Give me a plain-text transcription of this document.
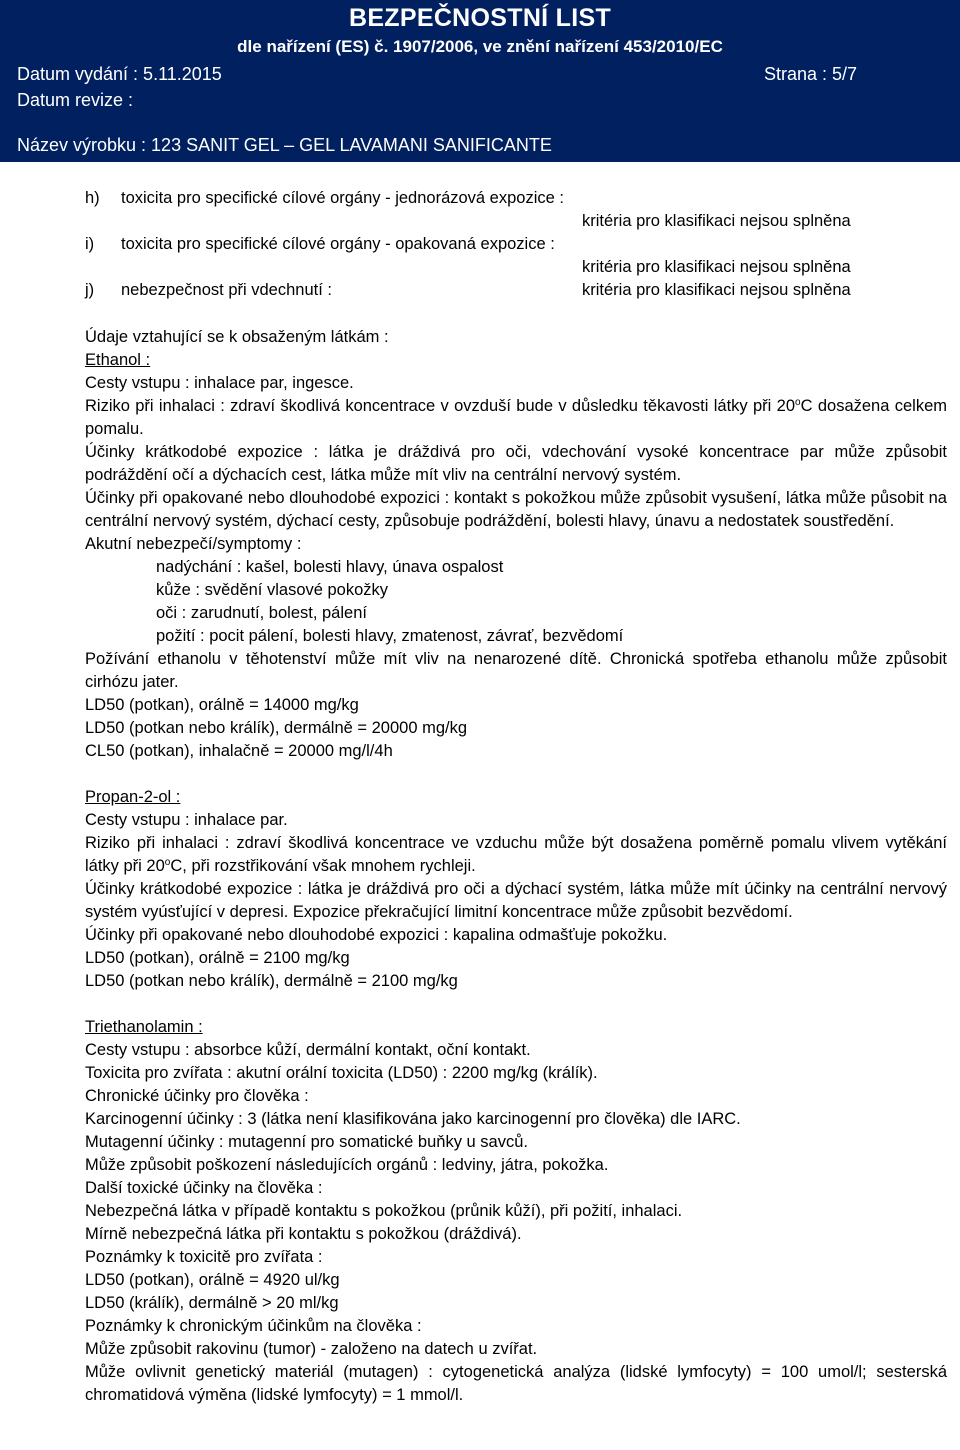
BEZPEČNOSTNÍ LIST
dle nařízení (ES) č. 1907/2006, ve znění nařízení 453/2010/EC
Datum vydání : 5.11.2015	Strana : 5/7
Datum revize :
Název výrobku : 123 SANIT GEL – GEL LAVAMANI SANIFICANTE
h) toxicita pro specifické cílové orgány - jednorázová expozice :
kritéria pro klasifikaci nejsou splněna
i) toxicita pro specifické cílové orgány - opakovaná expozice :
kritéria pro klasifikaci nejsou splněna
j) nebezpečnost při vdechnutí :	kritéria pro klasifikaci nejsou splněna

Údaje vztahující se k obsaženým látkám :

Ethanol :

Cesty vstupu : inhalace par, ingesce.

Riziko při inhalaci : zdraví škodlivá koncentrace v ovzduší bude v důsledku těkavosti látky při 20$^o$C dosažena celkem pomalu.

Účinky krátkodobé expozice : látka je dráždivá pro oči, vdechování vysoké koncentrace par může způsobit podráždění očí a dýchacích cest, látka může mít vliv na centrální nervový systém.

Účinky při opakované nebo dlouhodobé expozici : kontakt s pokožkou může způsobit vysušení, látka může působit na centrální nervový systém, dýchací cesty, způsobuje podráždění, bolesti hlavy, únavu a nedostatek soustředění.

Akutní nebezpečí/symptomy :

nadýchání : kašel, bolesti hlavy, únava ospalost

kůže : svědění vlasové pokožky

oči : zarudnutí, bolest, pálení

požití : pocit pálení, bolesti hlavy, zmatenost, závrať, bezvědomí

Požívání ethanolu v těhotenství může mít vliv na nenarozené dítě. Chronická spotřeba ethanolu může způsobit cirhózu jater.

LD50 (potkan), orálně = 14000 mg/kg

LD50 (potkan nebo králík), dermálně = 20000 mg/kg

CL50 (potkan), inhalačně = 20000 mg/l/4h

Propan-2-ol :

Cesty vstupu : inhalace par.

Riziko při inhalaci : zdraví škodlivá koncentrace ve vzduchu může být dosažena poměrně pomalu vlivem vytěkání látky při 20$^o$C, při rozstřikování však mnohem rychleji.

Účinky krátkodobé expozice : látka je dráždivá pro oči a dýchací systém, látka může mít účinky na centrální nervový systém vyúsťující v depresi. Expozice překračující limitní koncentrace může způsobit bezvědomí.

Účinky při opakované nebo dlouhodobé expozici : kapalina odmašťuje pokožku.

LD50 (potkan), orálně = 2100 mg/kg

LD50 (potkan nebo králík), dermálně = 2100 mg/kg

Triethanolamin :

Cesty vstupu : absorbce kůží, dermální kontakt, oční kontakt.

Toxicita pro zvířata : akutní orální toxicita (LD50) : 2200 mg/kg (králík).

Chronické účinky pro člověka :

Karcinogenní účinky : 3 (látka není klasifikována jako karcinogenní pro člověka) dle IARC.

Mutagenní účinky : mutagenní pro somatické buňky u savců.

Může způsobit poškození následujících orgánů : ledviny, játra, pokožka.

Další toxické účinky na člověka :

Nebezpečná látka v případě kontaktu s pokožkou (průnik kůží), při požití, inhalaci.

Mírně nebezpečná látka při kontaktu s pokožkou (dráždivá).

Poznámky k toxicitě pro zvířata :

LD50 (potkan), orálně = 4920 ul/kg

LD50 (králík), dermálně > 20 ml/kg

Poznámky k chronickým účinkům na člověka :

Může způsobit rakovinu (tumor) - založeno na datech u zvířat.

Může ovlivnit genetický materiál (mutagen) : cytogenetická analýza (lidské lymfocyty) = 100 umol/l; sesterská chromatidová výměna (lidské lymfocyty) = 1 mmol/l.
